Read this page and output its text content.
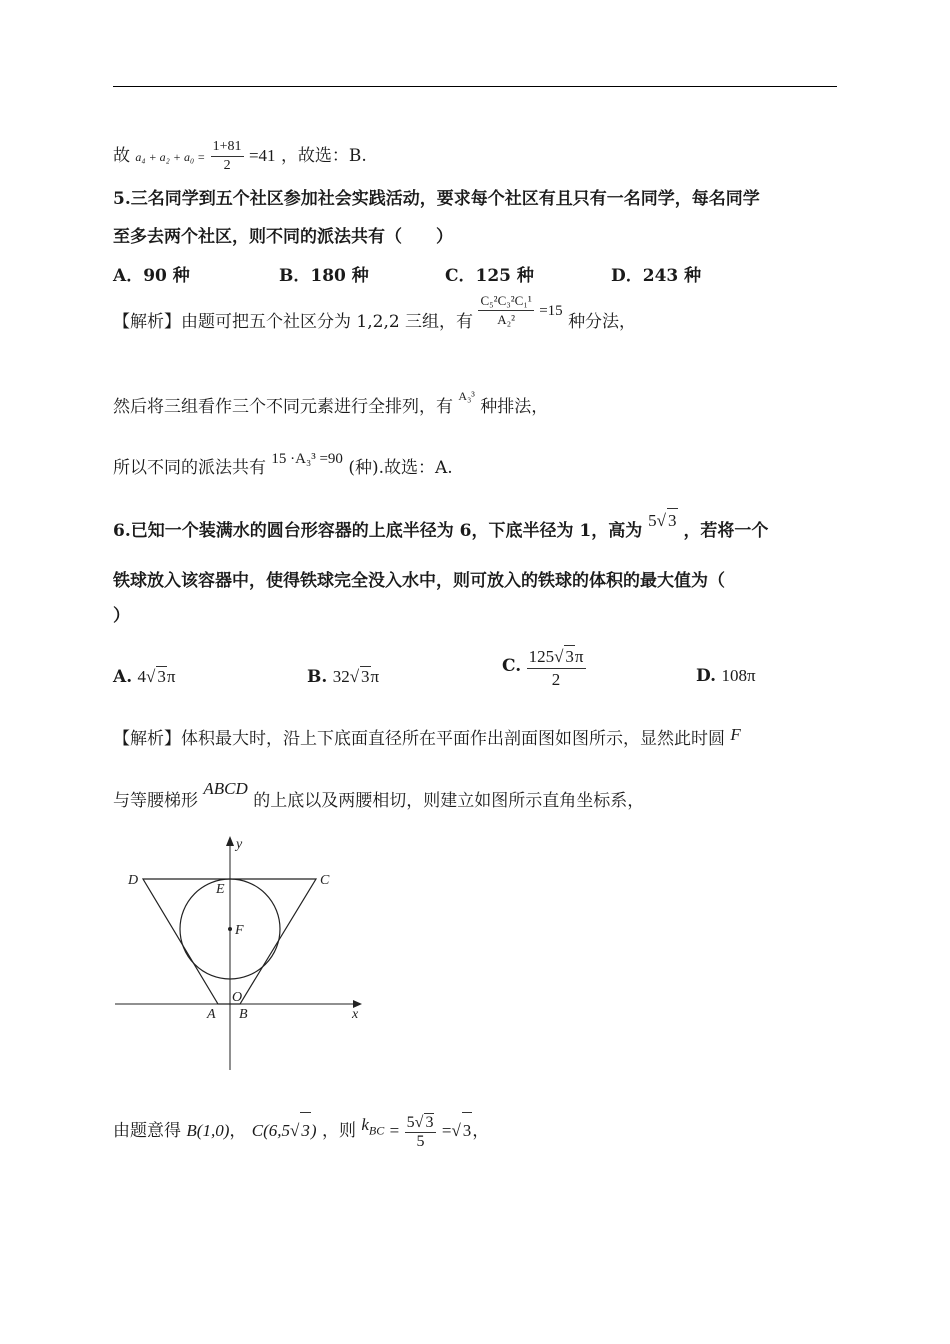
故 $a_4 + a_2 + a_0 = \frac{1+81}{2} =41$ ，故选：B.
5.三名同学到五个社区参加社会实践活动，要求每个社区有且只有一名同学，每名同学
至多去两个社区，则不同的派法共有（　　）
A．90 种	B．180 种	C．125 种	D．243 种
【解析】由题可把五个社区分为 1,2,2 三组，有 $\frac{\text{C₅²C₃²C₁¹}}{\text{A₂²}} =15$ 种分法，
然后将三组看作三个不同元素进行全排列，有 $^{A_3^3}$ 种排法，
所以不同的派法共有 15 ·A₃³ =90 (种).故选：A.
6.已知一个装满水的圆台形容器的上底半径为 6，下底半径为 1，高为 5√ 3 ，若将一个
铁球放入该容器中，使得铁球完全没入水中，则可放入的铁球的体积的最大值为（
）
A. 4√ 3π	B. 32√ 3π
C. $\frac{125√ 3\pi}{2}$	D. 108π
【解析】体积最大时，沿上下底面直径所在平面作出剖面图如图所示，显然此时圆 F
与等腰梯形 ABCD 的上底以及两腰相切，则建立如图所示直角坐标系，
D	C
E
F
O
A B	x
y
由题意得 B(1,0)， C(6,5√ 3) ，则 $k_{BC} = \frac{5√ 3}{5}$ =√ 3，
